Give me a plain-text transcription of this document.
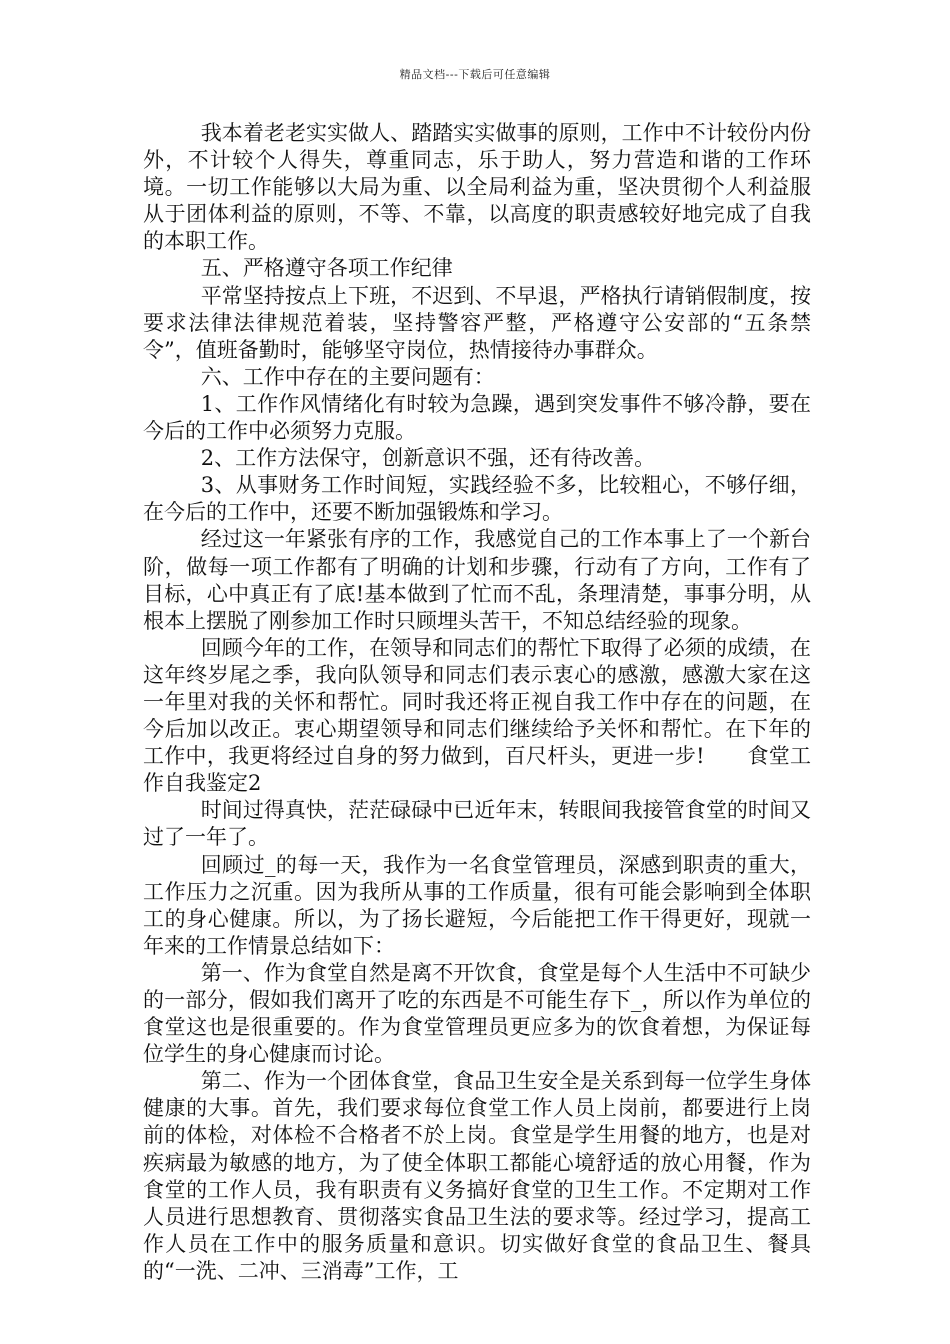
精品文档---下载后可任意编辑

我本着老老实实做人、踏踏实实做事的原则，工作中不计较份内份外，不计较个人得失，尊重同志，乐于助人，努力营造和谐的工作环境。一切工作能够以大局为重、以全局利益为重，坚决贯彻个人利益服从于团体利益的原则，不等、不靠，以高度的职责感较好地完成了自我的本职工作。

五、严格遵守各项工作纪律

平常坚持按点上下班，不迟到、不早退，严格执行请销假制度，按要求法律法律规范着装，坚持警容严整，严格遵守公安部的“五条禁令”，值班备勤时，能够坚守岗位，热情接待办事群众。

六、工作中存在的主要问题有：

1、工作作风情绪化有时较为急躁，遇到突发事件不够冷静，要在今后的工作中必须努力克服。

2、工作方法保守，创新意识不强，还有待改善。

3、从事财务工作时间短，实践经验不多，比较粗心，不够仔细，在今后的工作中，还要不断加强锻炼和学习。

经过这一年紧张有序的工作，我感觉自己的工作本事上了一个新台阶，做每一项工作都有了明确的计划和步骤，行动有了方向，工作有了目标，心中真正有了底!基本做到了忙而不乱，条理清楚，事事分明，从根本上摆脱了刚参加工作时只顾埋头苦干，不知总结经验的现象。

回顾今年的工作，在领导和同志们的帮忙下取得了必须的成绩，在这年终岁尾之季，我向队领导和同志们表示衷心的感激，感激大家在这一年里对我的关怀和帮忙。同时我还将正视自我工作中存在的问题，在今后加以改正。衷心期望领导和同志们继续给予关怀和帮忙。在下年的工作中，我更将经过自身的努力做到，百尺杆头，更进一步!　　食堂工作自我鉴定2

时间过得真快，茫茫碌碌中已近年末，转眼间我接管食堂的时间又过了一年了。

回顾过_的每一天，我作为一名食堂管理员，深感到职责的重大，工作压力之沉重。因为我所从事的工作质量，很有可能会影响到全体职工的身心健康。所以，为了扬长避短，今后能把工作干得更好，现就一年来的工作情景总结如下：

第一、作为食堂自然是离不开饮食，食堂是每个人生活中不可缺少的一部分，假如我们离开了吃的东西是不可能生存下_，所以作为单位的食堂这也是很重要的。作为食堂管理员更应多为的饮食着想，为保证每位学生的身心健康而讨论。

第二、作为一个团体食堂，食品卫生安全是关系到每一位学生身体健康的大事。首先，我们要求每位食堂工作人员上岗前，都要进行上岗前的体检，对体检不合格者不於上岗。食堂是学生用餐的地方，也是对疾病最为敏感的地方，为了使全体职工都能心境舒适的放心用餐，作为食堂的工作人员，我有职责有义务搞好食堂的卫生工作。不定期对工作人员进行思想教育、贯彻落实食品卫生法的要求等。经过学习，提高工作人员在工作中的服务质量和意识。切实做好食堂的食品卫生、餐具的“一洗、二冲、三消毒”工作，工
